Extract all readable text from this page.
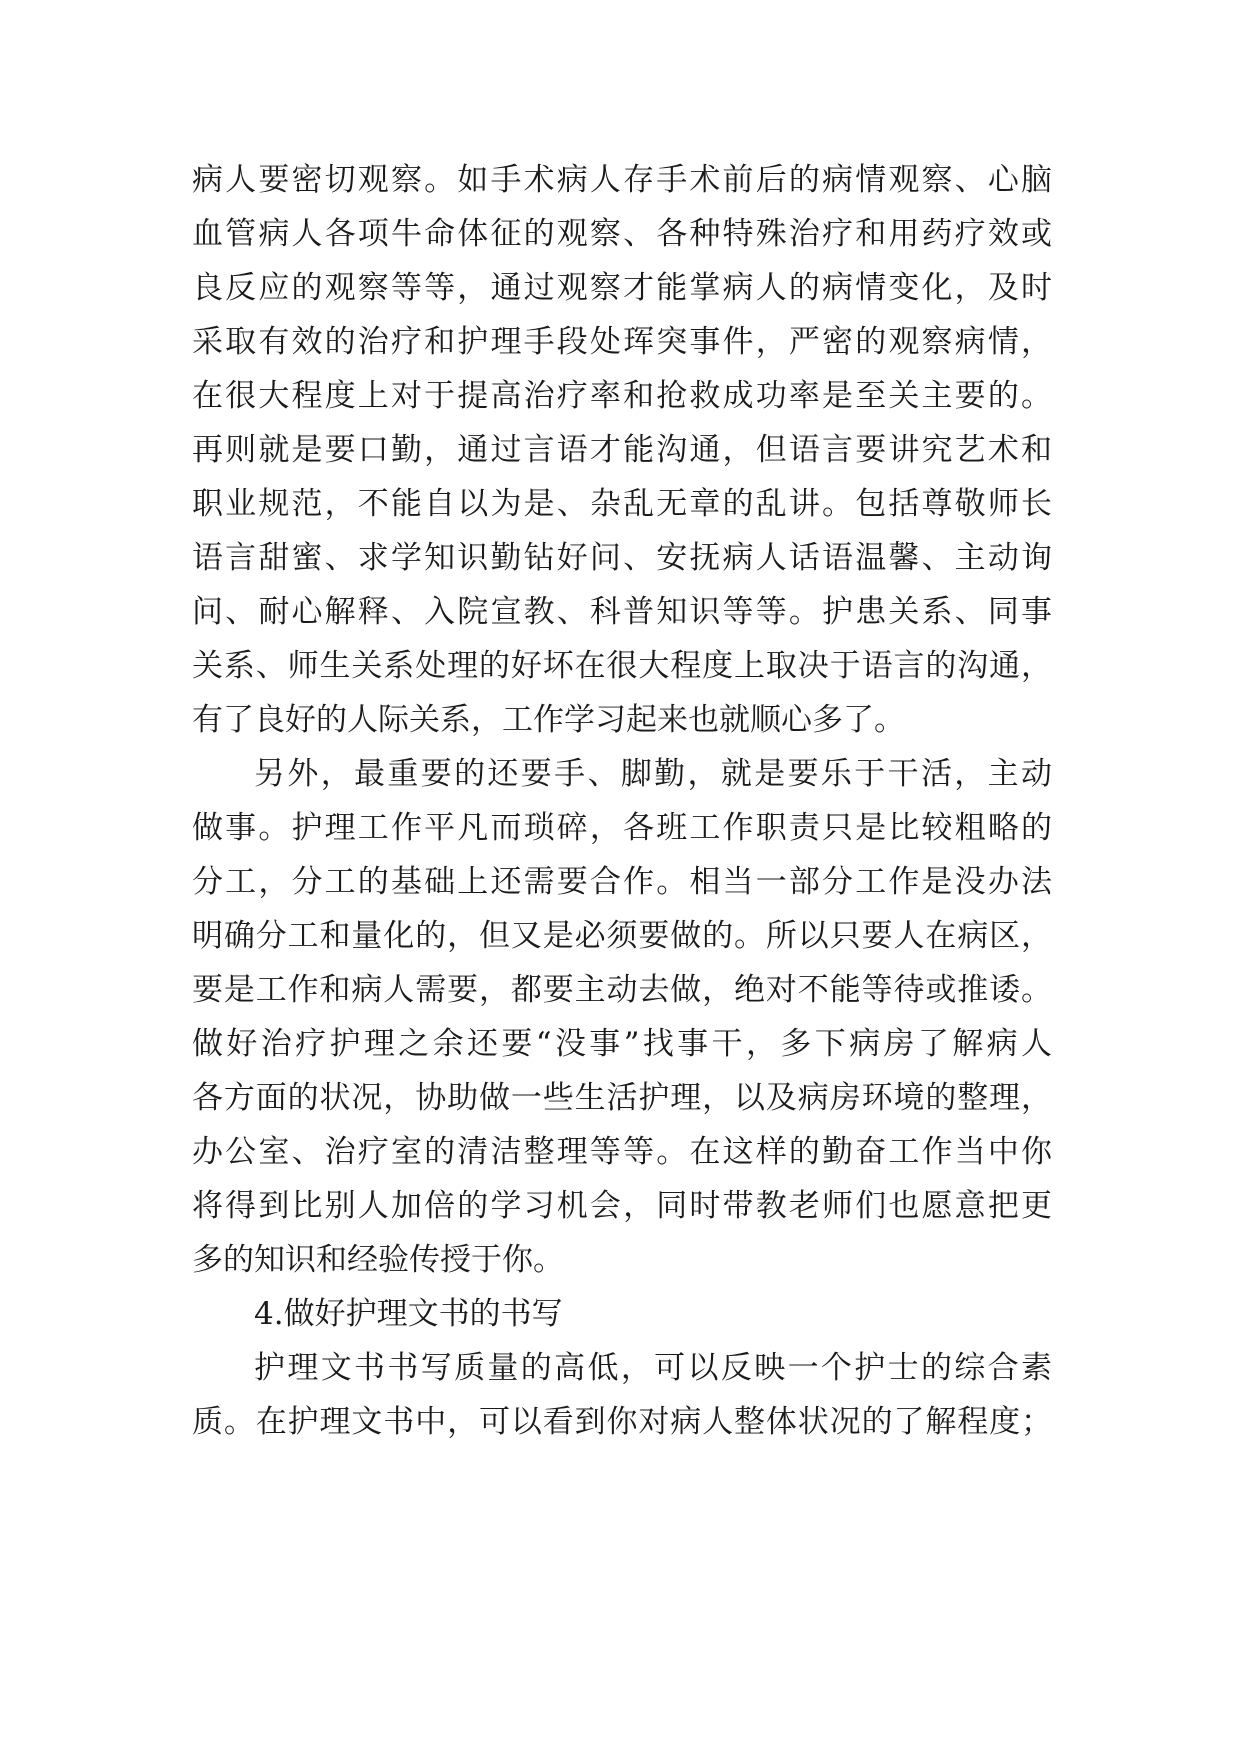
病人要密切观察。如手术病人存手术前后的病情观察、心脑
血管病人各项牛命体征的观察、各种特殊治疗和用药疗效或
良反应的观察等等，通过观察才能掌病人的病情变化，及时
采取有效的治疗和护理手段处珲突事件，严密的观察病情，
在很大程度上对于提高治疗率和抢救成功率是至关主要的。
再则就是要口勤，通过言语才能沟通，但语言要讲究艺术和
职业规范，不能自以为是、杂乱无章的乱讲。包括尊敬师长
语言甜蜜、求学知识勤钻好问、安抚病人话语温馨、主动询
问、耐心解释、入院宣教、科普知识等等。护患关系、同事
关系、师生关系处理的好坏在很大程度上取决于语言的沟通，
有了良好的人际关系，工作学习起来也就顺心多了。
另外，最重要的还要手、脚勤，就是要乐于干活，主动
做事。护理工作平凡而琐碎，各班工作职责只是比较粗略的
分工，分工的基础上还需要合作。相当一部分工作是没办法
明确分工和量化的，但又是必须要做的。所以只要人在病区，
要是工作和病人需要，都要主动去做，绝对不能等待或推诿。
做好治疗护理之余还要“没事”找事干，多下病房了解病人
各方面的状况，协助做一些生活护理，以及病房环境的整理，
办公室、治疗室的清洁整理等等。在这样的勤奋工作当中你
将得到比别人加倍的学习机会，同时带教老师们也愿意把更
多的知识和经验传授于你。
4.做好护理文书的书写
护理文书书写质量的高低，可以反映一个护士的综合素
质。在护理文书中，可以看到你对病人整体状况的了解程度；
